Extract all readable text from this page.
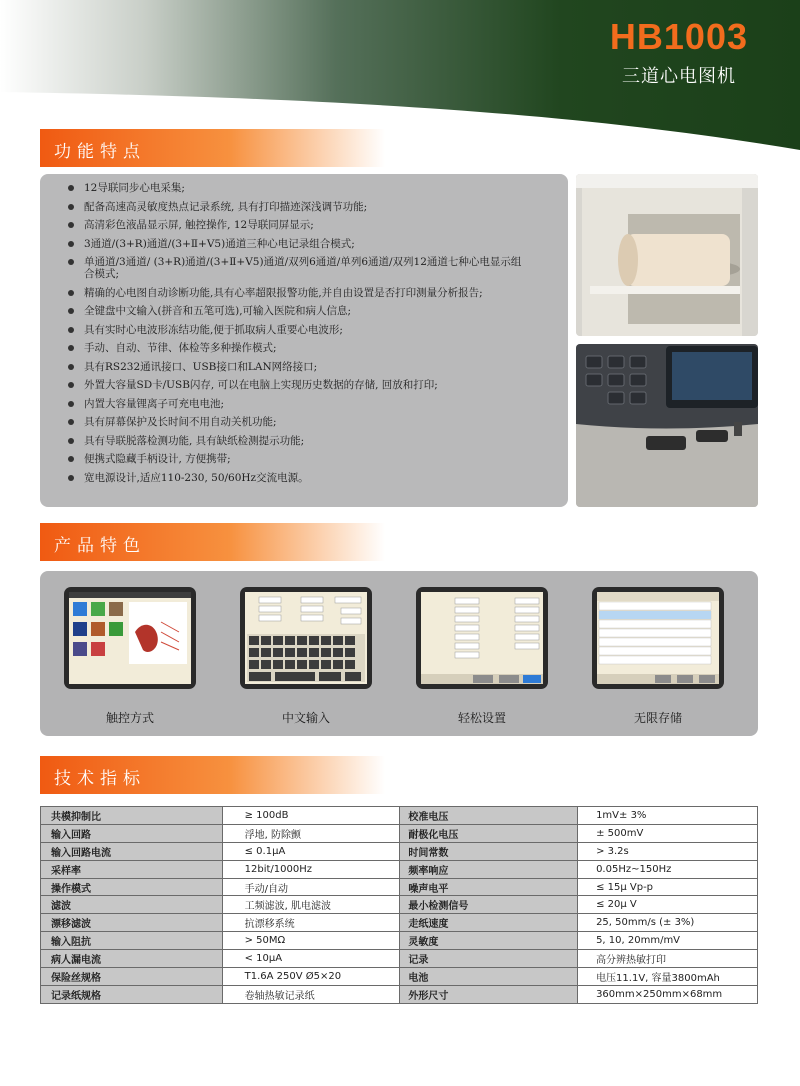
HB1003
三道心电图机
功能特点
12导联同步心电采集;
配备高速高灵敏度热点记录系统, 具有打印描迹深浅调节功能;
高清彩色液晶显示屏, 触控操作, 12导联同屏显示;
3通道/(3+R)通道/(3+Ⅱ+V5)通道三种心电记录组合模式;
单通道/3通道/ (3+R)通道/(3+Ⅱ+V5)通道/双列6通道/单列6通道/双列12通道七种心电显示组合模式;
精确的心电图自动诊断功能,具有心率超限报警功能,并自由设置是否打印测量分析报告;
全键盘中文输入(拼音和五笔可选),可输入医院和病人信息;
具有实时心电波形冻结功能,便于抓取病人重要心电波形;
手动、自动、节律、体检等多种操作模式;
具有RS232通讯接口、USB接口和LAN网络接口;
外置大容量SD卡/USB闪存, 可以在电脑上实现历史数据的存储, 回放和打印;
内置大容量锂离子可充电电池;
具有屏幕保护及长时间不用自动关机功能;
具有导联脱落检测功能, 具有缺纸检测提示功能;
便携式隐藏手柄设计, 方便携带;
宽电源设计,适应110-230, 50/60Hz交流电源。
产品特色
触控方式	中文输入	轻松设置	无限存储
技术指标
共模抑制比	≥ 100dB	校准电压	1mV± 3%
输入回路	浮地, 防除颤	耐极化电压	± 500mV
输入回路电流	≤ 0.1μA	时间常数	> 3.2s
采样率	12bit/1000Hz	频率响应	0.05Hz~150Hz
操作模式	手动/自动	噪声电平	≤ 15μ Vp-p
滤波	工频滤波, 肌电滤波	最小检测信号	≤ 20μ V
漂移滤波	抗漂移系统	走纸速度	25, 50mm/s (± 3%)
输入阻抗	> 50MΩ	灵敏度	5, 10, 20mm/mV
病人漏电流	< 10μA	记录	高分辨热敏打印
保险丝规格	T1.6A 250V Ø5×20	电池	电压11.1V, 容量3800mAh
记录纸规格	卷轴热敏记录纸	外形尺寸	360mm×250mm×68mm
